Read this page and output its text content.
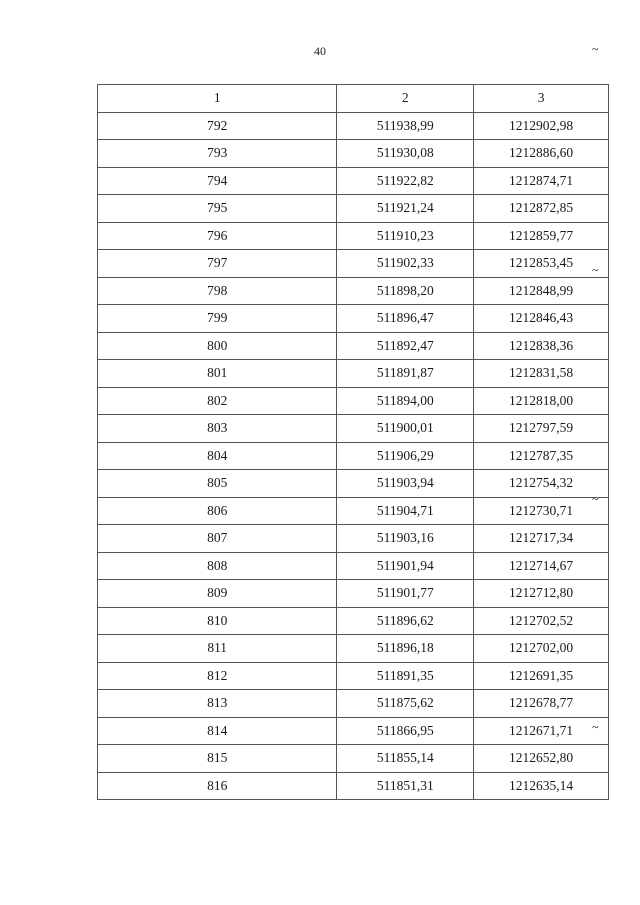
40	~
1	2	3
792	511938,99	1212902,98
793	511930,08	1212886,60
794	511922,82	1212874,71
795	511921,24	1212872,85
796	511910,23	1212859,77
797	511902,33	1212853,45
798	511898,20	1212848,99
799	511896,47	1212846,43
800	511892,47	1212838,36
801	511891,87	1212831,58
802	511894,00	1212818,00
803	511900,01	1212797,59
804	511906,29	1212787,35
805	511903,94	1212754,32
806	511904,71	1212730,71
807	511903,16	1212717,34
808	511901,94	1212714,67
809	511901,77	1212712,80
810	511896,62	1212702,52
811	511896,18	1212702,00
812	511891,35	1212691,35
813	511875,62	1212678,77
814	511866,95	1212671,71
815	511855,14	1212652,80
816	511851,31	1212635,14
~
~
~
